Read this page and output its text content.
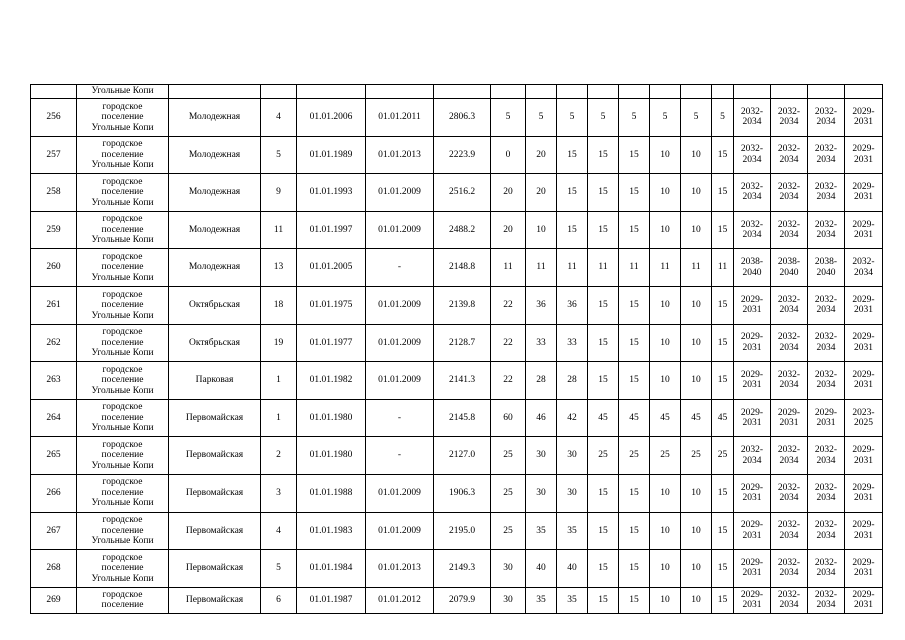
	Угольные Копи																	
256	городское
поселение
Угольные Копи	Молодежная	4	01.01.2006	01.01.2011	2806.3	5	5	5	5	5	5	5	5	2032-
2034	2032-
2034	2032-
2034	2029-
2031
257	городское
поселение
Угольные Копи	Молодежная	5	01.01.1989	01.01.2013	2223.9	0	20	15	15	15	10	10	15	2032-
2034	2032-
2034	2032-
2034	2029-
2031
258	городское
поселение
Угольные Копи	Молодежная	9	01.01.1993	01.01.2009	2516.2	20	20	15	15	15	10	10	15	2032-
2034	2032-
2034	2032-
2034	2029-
2031
259	городское
поселение
Угольные Копи	Молодежная	11	01.01.1997	01.01.2009	2488.2	20	10	15	15	15	10	10	15	2032-
2034	2032-
2034	2032-
2034	2029-
2031
260	городское
поселение
Угольные Копи	Молодежная	13	01.01.2005	-	2148.8	11	11	11	11	11	11	11	11	2038-
2040	2038-
2040	2038-
2040	2032-
2034
261	городское
поселение
Угольные Копи	Октябрьская	18	01.01.1975	01.01.2009	2139.8	22	36	36	15	15	10	10	15	2029-
2031	2032-
2034	2032-
2034	2029-
2031
262	городское
поселение
Угольные Копи	Октябрьская	19	01.01.1977	01.01.2009	2128.7	22	33	33	15	15	10	10	15	2029-
2031	2032-
2034	2032-
2034	2029-
2031
263	городское
поселение
Угольные Копи	Парковая	1	01.01.1982	01.01.2009	2141.3	22	28	28	15	15	10	10	15	2029-
2031	2032-
2034	2032-
2034	2029-
2031
264	городское
поселение
Угольные Копи	Первомайская	1	01.01.1980	-	2145.8	60	46	42	45	45	45	45	45	2029-
2031	2029-
2031	2029-
2031	2023-
2025
265	городское
поселение
Угольные Копи	Первомайская	2	01.01.1980	-	2127.0	25	30	30	25	25	25	25	25	2032-
2034	2032-
2034	2032-
2034	2029-
2031
266	городское
поселение
Угольные Копи	Первомайская	3	01.01.1988	01.01.2009	1906.3	25	30	30	15	15	10	10	15	2029-
2031	2032-
2034	2032-
2034	2029-
2031
267	городское
поселение
Угольные Копи	Первомайская	4	01.01.1983	01.01.2009	2195.0	25	35	35	15	15	10	10	15	2029-
2031	2032-
2034	2032-
2034	2029-
2031
268	городское
поселение
Угольные Копи	Первомайская	5	01.01.1984	01.01.2013	2149.3	30	40	40	15	15	10	10	15	2029-
2031	2032-
2034	2032-
2034	2029-
2031
269	городское
поселение	Первомайская	6	01.01.1987	01.01.2012	2079.9	30	35	35	15	15	10	10	15	2029-
2031	2032-
2034	2032-
2034	2029-
2031
